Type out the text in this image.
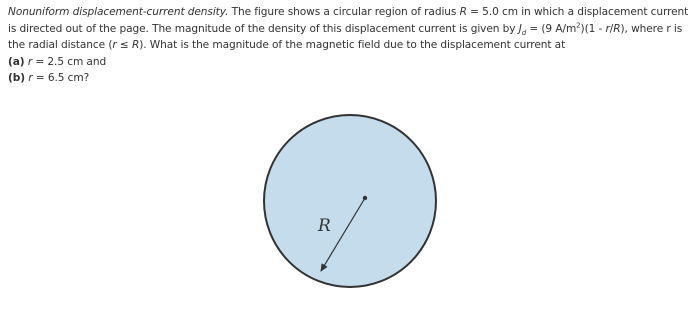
Nonuniform displacement-current density. The figure shows a circular region of radius R = 5.0 cm in which a displacement current is directed out of the page. The magnitude of the density of this displacement current is given by $J_d = (9$ $A/m^2)(1 - r/R)$, where r is the radial distance (r ≤ R). What is the magnitude of the magnetic field due to the displacement current at

(a) r = 2.5 cm and

(b) r = 6.5 cm?

R
